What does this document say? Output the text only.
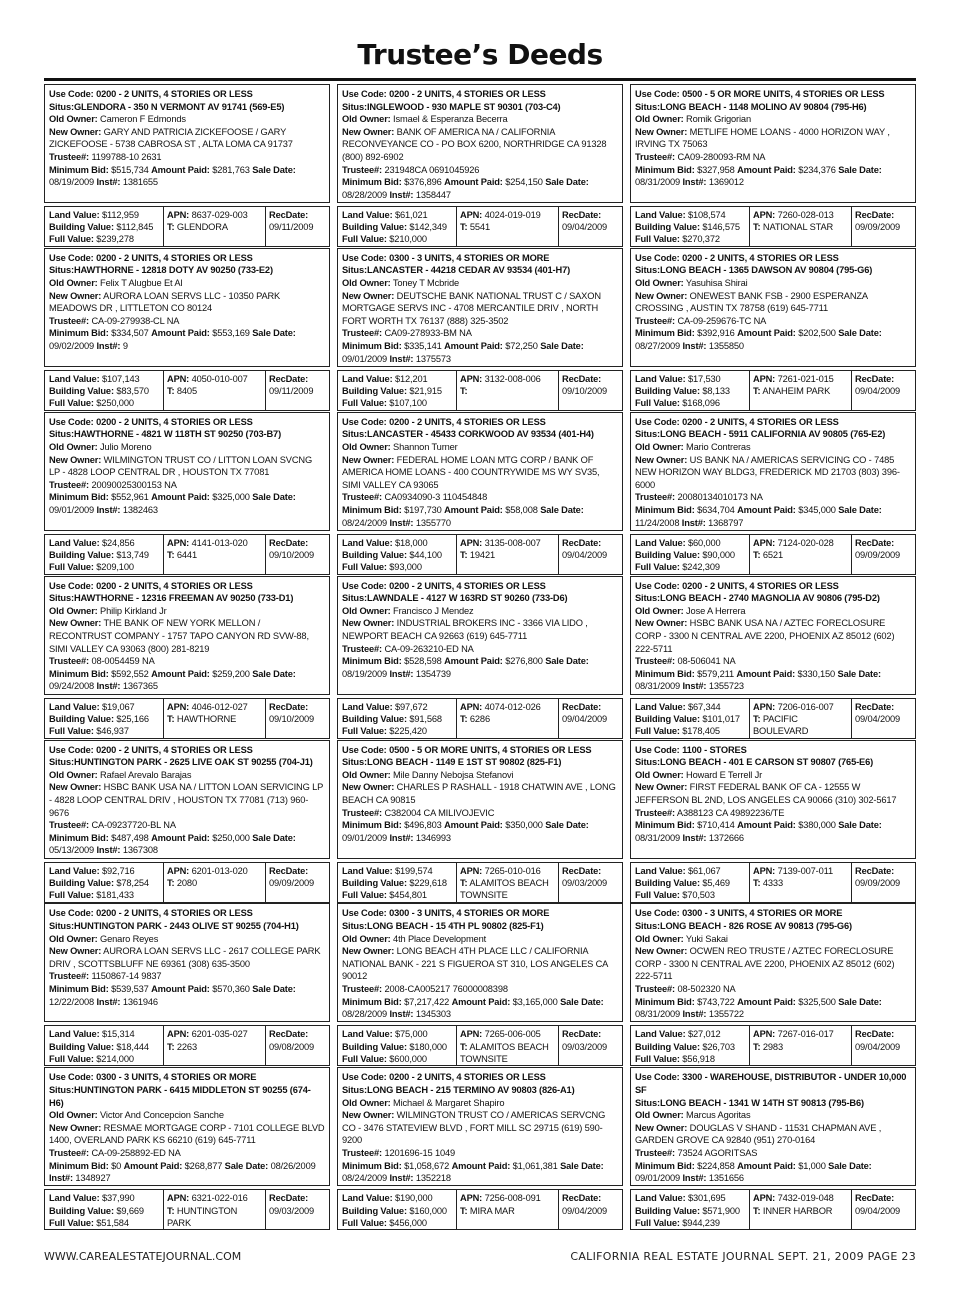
Trustee’s Deeds
Use Code: 0200 - 2 UNITS, 4 STORIES OR LESS
Situs:GLENDORA - 350 N VERMONT AV 91741 (569-E5)
Old Owner: Cameron F Edmonds
New Owner: GARY AND PATRICIA ZICKEFOOSE / GARY ZICKEFOOSE - 5738 CABROSA ST , ALTA LOMA CA 91737
Trustee#: 1199788-10 2631
Minimum Bid: $515,734 Amount Paid: $281,763 Sale Date: 08/19/2009 Inst#: 1381655
Land Value: $112,959
Building Value: $112,845
Full Value: $239,278
APN: 8637-029-003
T: GLENDORA
RecDate:
09/11/2009
Use Code: 0200 - 2 UNITS, 4 STORIES OR LESS
Situs:HAWTHORNE - 12818 DOTY AV 90250 (733-E2)
Old Owner: Felix T Alugbue Et Al
New Owner: AURORA LOAN SERVS LLC - 10350 PARK MEADOWS DR , LITTLETON CO 80124
Trustee#: CA-09-279938-CL NA
Minimum Bid: $334,507 Amount Paid: $553,169 Sale Date: 09/02/2009 Inst#: 9
Land Value: $107,143
Building Value: $83,570
Full Value: $250,000
APN: 4050-010-007
T: 8405
RecDate:
09/11/2009
Use Code: 0200 - 2 UNITS, 4 STORIES OR LESS
Situs:HAWTHORNE - 4821 W 118TH ST 90250 (703-B7)
Old Owner: Julio Moreno
New Owner: WILMINGTON TRUST CO / LITTON LOAN SVCNG LP - 4828 LOOP CENTRAL DR , HOUSTON TX 77081
Trustee#: 20090025300153 NA
Minimum Bid: $552,961 Amount Paid: $325,000 Sale Date: 09/01/2009 Inst#: 1382463
Land Value: $24,856
Building Value: $13,749
Full Value: $209,100
APN: 4141-013-020
T: 6441
RecDate:
09/10/2009
Use Code: 0200 - 2 UNITS, 4 STORIES OR LESS
Situs:HAWTHORNE - 12316 FREEMAN AV 90250 (733-D1)
Old Owner: Philip Kirkland Jr
New Owner: THE BANK OF NEW YORK MELLON / RECONTRUST COMPANY - 1757 TAPO CANYON RD SVW-88, SIMI VALLEY CA 93063 (800) 281-8219
Trustee#: 08-0054459 NA
Minimum Bid: $592,552 Amount Paid: $259,200 Sale Date: 09/24/2008 Inst#: 1367365
Land Value: $19,067
Building Value: $25,166
Full Value: $46,937
APN: 4046-012-027
T: HAWTHORNE
RecDate:
09/10/2009
Use Code: 0200 - 2 UNITS, 4 STORIES OR LESS
Situs:HUNTINGTON PARK - 2625 LIVE OAK ST 90255 (704-J1)
Old Owner: Rafael Arevalo Barajas
New Owner: HSBC BANK USA NA / LITTON LOAN SERVICING LP - 4828 LOOP CENTRAL DRIV , HOUSTON TX 77081 (713) 960-9676
Trustee#: CA-09237720-BL NA
Minimum Bid: $487,498 Amount Paid: $250,000 Sale Date: 05/13/2009 Inst#: 1367308
Land Value: $92,716
Building Value: $78,254
Full Value: $181,433
APN: 6201-013-020
T: 2080
RecDate:
09/09/2009
Use Code: 0200 - 2 UNITS, 4 STORIES OR LESS
Situs:HUNTINGTON PARK - 2443 OLIVE ST 90255 (704-H1)
Old Owner: Genaro Reyes
New Owner: AURORA LOAN SERVS LLC - 2617 COLLEGE PARK DRIV , SCOTTSBLUFF NE 69361 (308) 635-3500
Trustee#: 1150867-14 9837
Minimum Bid: $539,537 Amount Paid: $570,360 Sale Date: 12/22/2008 Inst#: 1361946
Land Value: $15,314
Building Value: $18,444
Full Value: $214,000
APN: 6201-035-027
T: 2263
RecDate:
09/08/2009
Use Code: 0300 - 3 UNITS, 4 STORIES OR MORE
Situs:HUNTINGTON PARK - 6415 MIDDLETON ST 90255 (674-H6)
Old Owner: Victor And Concepcion Sanche
New Owner: RESMAE MORTGAGE CORP - 7101 COLLEGE BLVD 1400, OVERLAND PARK KS 66210 (619) 645-7711
Trustee#: CA-09-258892-ED NA
Minimum Bid: $0 Amount Paid: $268,877 Sale Date: 08/26/2009 Inst#: 1348927
Land Value: $37,990
Building Value: $9,669
Full Value: $51,584
APN: 6321-022-016
T: HUNTINGTON PARK
RecDate:
09/03/2009
Use Code: 0200 - 2 UNITS, 4 STORIES OR LESS
Situs:INGLEWOOD - 930 MAPLE ST 90301 (703-C4)
Old Owner: Ismael & Esperanza Becerra
New Owner: BANK OF AMERICA NA / CALIFORNIA RECONVEYANCE CO - PO BOX 6200, NORTHRIDGE CA 91328 (800) 892-6902
Trustee#: 231948CA 0691045926
Minimum Bid: $376,896 Amount Paid: $254,150 Sale Date: 08/28/2009 Inst#: 1358447
Land Value: $61,021
Building Value: $142,349
Full Value: $210,000
APN: 4024-019-019
T: 5541
RecDate:
09/04/2009
Use Code: 0300 - 3 UNITS, 4 STORIES OR MORE
Situs:LANCASTER - 44218 CEDAR AV 93534 (401-H7)
Old Owner: Toney T Mcbride
New Owner: DEUTSCHE BANK NATIONAL TRUST C / SAXON MORTGAGE SERVS INC - 4708 MERCANTILE DRIV , NORTH FORT WORTH TX 76137 (888) 325-3502
Trustee#: CA09-278933-BM NA
Minimum Bid: $335,141 Amount Paid: $72,250 Sale Date: 09/01/2009 Inst#: 1375573
Land Value: $12,201
Building Value: $21,915
Full Value: $107,100
APN: 3132-008-006
T:
RecDate:
09/10/2009
Use Code: 0200 - 2 UNITS, 4 STORIES OR LESS
Situs:LANCASTER - 45433 CORKWOOD AV 93534 (401-H4)
Old Owner: Shannon Turner
New Owner: FEDERAL HOME LOAN MTG CORP / BANK OF AMERICA HOME LOANS - 400 COUNTRYWIDE MS WY SV35, SIMI VALLEY CA 93065
Trustee#: CA0934090-3 110454848
Minimum Bid: $197,730 Amount Paid: $58,008 Sale Date: 08/24/2009 Inst#: 1355770
Land Value: $18,000
Building Value: $44,100
Full Value: $93,000
APN: 3135-008-007
T: 19421
RecDate:
09/04/2009
Use Code: 0200 - 2 UNITS, 4 STORIES OR LESS
Situs:LAWNDALE - 4127 W 163RD ST 90260 (733-D6)
Old Owner: Francisco J Mendez
New Owner: INDUSTRIAL BROKERS INC - 3366 VIA LIDO , NEWPORT BEACH CA 92663 (619) 645-7711
Trustee#: CA-09-263210-ED NA
Minimum Bid: $528,598 Amount Paid: $276,800 Sale Date: 08/19/2009 Inst#: 1354739
Land Value: $97,672
Building Value: $91,568
Full Value: $225,420
APN: 4074-012-026
T: 6286
RecDate:
09/04/2009
Use Code: 0500 - 5 OR MORE UNITS, 4 STORIES OR LESS
Situs:LONG BEACH - 1149 E 1ST ST 90802 (825-F1)
Old Owner: Mile Danny Nebojsa Stefanovi
New Owner: CHARLES P RASHALL - 1918 CHATWIN AVE , LONG BEACH CA 90815
Trustee#: C382004 CA MILIVOJEVIC
Minimum Bid: $496,803 Amount Paid: $350,000 Sale Date: 09/01/2009 Inst#: 1346993
Land Value: $199,574
Building Value: $229,618
Full Value: $454,801
APN: 7265-010-016
T: ALAMITOS BEACH TOWNSITE
RecDate:
09/03/2009
Use Code: 0300 - 3 UNITS, 4 STORIES OR MORE
Situs:LONG BEACH - 15 4TH PL 90802 (825-F1)
Old Owner: 4th Place Development
New Owner: LONG BEACH 4TH PLACE LLC / CALIFORNIA NATIONAL BANK - 221 S FIGUEROA ST 310, LOS ANGELES CA 90012
Trustee#: 2008-CA005217 76000008398
Minimum Bid: $7,217,422 Amount Paid: $3,165,000 Sale Date: 08/28/2009 Inst#: 1345303
Land Value: $75,000
Building Value: $180,000
Full Value: $600,000
APN: 7265-006-005
T: ALAMITOS BEACH TOWNSITE
RecDate:
09/03/2009
Use Code: 0200 - 2 UNITS, 4 STORIES OR LESS
Situs:LONG BEACH - 215 TERMINO AV 90803 (826-A1)
Old Owner: Michael & Margaret Shapiro
New Owner: WILMINGTON TRUST CO / AMERICAS SERVCNG CO - 3476 STATEVIEW BLVD , FORT MILL SC 29715 (619) 590-9200
Trustee#: 1201696-15 1049
Minimum Bid: $1,058,672 Amount Paid: $1,061,381 Sale Date: 08/24/2009 Inst#: 1352218
Land Value: $190,000
Building Value: $160,000
Full Value: $456,000
APN: 7256-008-091
T: MIRA MAR
RecDate:
09/04/2009
Use Code: 0500 - 5 OR MORE UNITS, 4 STORIES OR LESS
Situs:LONG BEACH - 1148 MOLINO AV 90804 (795-H6)
Old Owner: Romik Grigorian
New Owner: METLIFE HOME LOANS - 4000 HORIZON WAY , IRVING TX 75063
Trustee#: CA09-280093-RM NA
Minimum Bid: $327,958 Amount Paid: $234,376 Sale Date: 08/31/2009 Inst#: 1369012
Land Value: $108,574
Building Value: $146,575
Full Value: $270,372
APN: 7260-028-013
T: NATIONAL STAR
RecDate:
09/09/2009
Use Code: 0200 - 2 UNITS, 4 STORIES OR LESS
Situs:LONG BEACH - 1365 DAWSON AV 90804 (795-G6)
Old Owner: Yasuhisa Shirai
New Owner: ONEWEST BANK FSB - 2900 ESPERANZA CROSSING , AUSTIN TX 78758 (619) 645-7711
Trustee#: CA-09-259676-TC NA
Minimum Bid: $392,916 Amount Paid: $202,500 Sale Date: 08/27/2009 Inst#: 1355850
Land Value: $17,530
Building Value: $8,133
Full Value: $168,096
APN: 7261-021-015
T: ANAHEIM PARK
RecDate:
09/04/2009
Use Code: 0200 - 2 UNITS, 4 STORIES OR LESS
Situs:LONG BEACH - 5911 CALIFORNIA AV 90805 (765-E2)
Old Owner: Mario Contreras
New Owner: US BANK NA / AMERICAS SERVICING CO - 7485 NEW HORIZON WAY BLDG3, FREDERICK MD 21703 (803) 396-6000
Trustee#: 20080134010173 NA
Minimum Bid: $634,704 Amount Paid: $345,000 Sale Date: 11/24/2008 Inst#: 1368797
Land Value: $60,000
Building Value: $90,000
Full Value: $242,309
APN: 7124-020-028
T: 6521
RecDate:
09/09/2009
Use Code: 0200 - 2 UNITS, 4 STORIES OR LESS
Situs:LONG BEACH - 2740 MAGNOLIA AV 90806 (795-D2)
Old Owner: Jose A Herrera
New Owner: HSBC BANK USA NA / AZTEC FORECLOSURE CORP - 3300 N CENTRAL AVE 2200, PHOENIX AZ 85012 (602) 222-5711
Trustee#: 08-506041 NA
Minimum Bid: $579,211 Amount Paid: $330,150 Sale Date: 08/31/2009 Inst#: 1355723
Land Value: $67,344
Building Value: $101,017
Full Value: $178,405
APN: 7206-016-007
T: PACIFIC BOULEVARD
RecDate:
09/04/2009
Use Code: 1100 - STORES
Situs:LONG BEACH - 401 E CARSON ST 90807 (765-E6)
Old Owner: Howard E Terrell Jr
New Owner: FIRST FEDERAL BANK OF CA - 12555 W JEFFERSON BL 2ND, LOS ANGELES CA 90066 (310) 302-5617
Trustee#: A388123 CA 49892236/TE
Minimum Bid: $710,414 Amount Paid: $380,000 Sale Date: 08/31/2009 Inst#: 1372666
Land Value: $61,067
Building Value: $5,469
Full Value: $70,503
APN: 7139-007-011
T: 4333
RecDate:
09/09/2009
Use Code: 0300 - 3 UNITS, 4 STORIES OR MORE
Situs:LONG BEACH - 826 ROSE AV 90813 (795-G6)
Old Owner: Yuki Sakai
New Owner: OCWEN REO TRUSTE / AZTEC FORECLOSURE CORP - 3300 N CENTRAL AVE 2200, PHOENIX AZ 85012 (602) 222-5711
Trustee#: 08-502320 NA
Minimum Bid: $743,722 Amount Paid: $325,500 Sale Date: 08/31/2009 Inst#: 1355722
Land Value: $27,012
Building Value: $26,703
Full Value: $56,918
APN: 7267-016-017
T: 2983
RecDate:
09/04/2009
Use Code: 3300 - WAREHOUSE, DISTRIBUTOR - UNDER 10,000 SF
Situs:LONG BEACH - 1341 W 14TH ST 90813 (795-B6)
Old Owner: Marcus Agoritas
New Owner: DOUGLAS V SHAND - 11531 CHAPMAN AVE , GARDEN GROVE CA 92840 (951) 270-0164
Trustee#: 73524 AGORITSAS
Minimum Bid: $224,858 Amount Paid: $1,000 Sale Date: 09/01/2009 Inst#: 1351656
Land Value: $301,695
Building Value: $571,900
Full Value: $944,239
APN: 7432-019-048
T: INNER HARBOR
RecDate:
09/04/2009
WWW.CAREALESTATEJOURNAL.COM	CALIFORNIA REAL ESTATE JOURNAL SEPT. 21, 2009 PAGE 23
